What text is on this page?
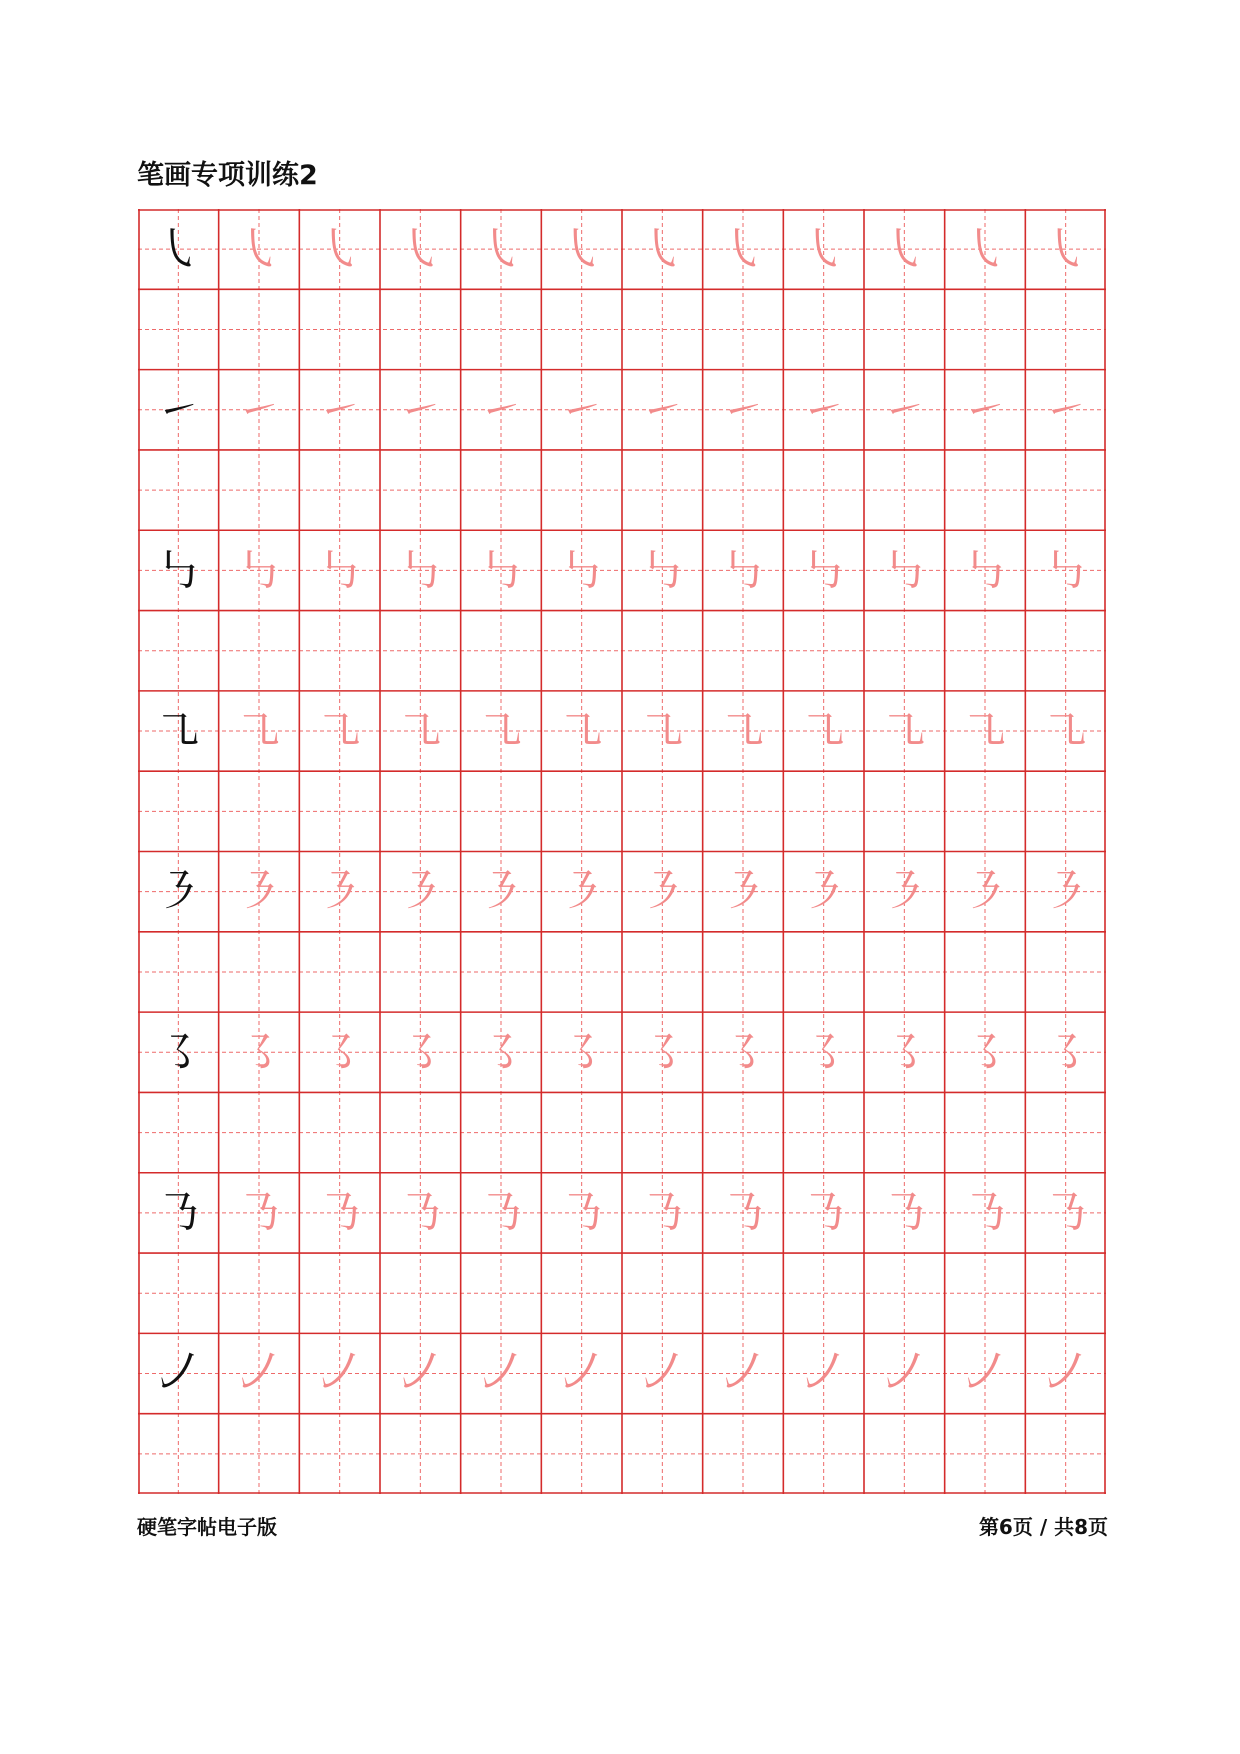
笔画专项训练2
㇂ ㇂ ㇂ ㇂ ㇂ ㇂ ㇂ ㇂ ㇂ ㇂ ㇂ ㇂
㇀ ㇀ ㇀ ㇀ ㇀ ㇀ ㇀ ㇀ ㇀ ㇀ ㇀ ㇀
㇉ ㇉ ㇉ ㇉ ㇉ ㇉ ㇉ ㇉ ㇉ ㇉ ㇉ ㇉
㇈ ㇈ ㇈ ㇈ ㇈ ㇈ ㇈ ㇈ ㇈ ㇈ ㇈ ㇈
㇋ ㇋ ㇋ ㇋ ㇋ ㇋ ㇋ ㇋ ㇋ ㇋ ㇋ ㇋
㇌ ㇌ ㇌ ㇌ ㇌ ㇌ ㇌ ㇌ ㇌ ㇌ ㇌ ㇌
㇡ ㇡ ㇡ ㇡ ㇡ ㇡ ㇡ ㇡ ㇡ ㇡ ㇡ ㇡
㇢ ㇢ ㇢ ㇢ ㇢ ㇢ ㇢ ㇢ ㇢ ㇢ ㇢ ㇢
硬笔字帖电子版	第6页 / 共8页
